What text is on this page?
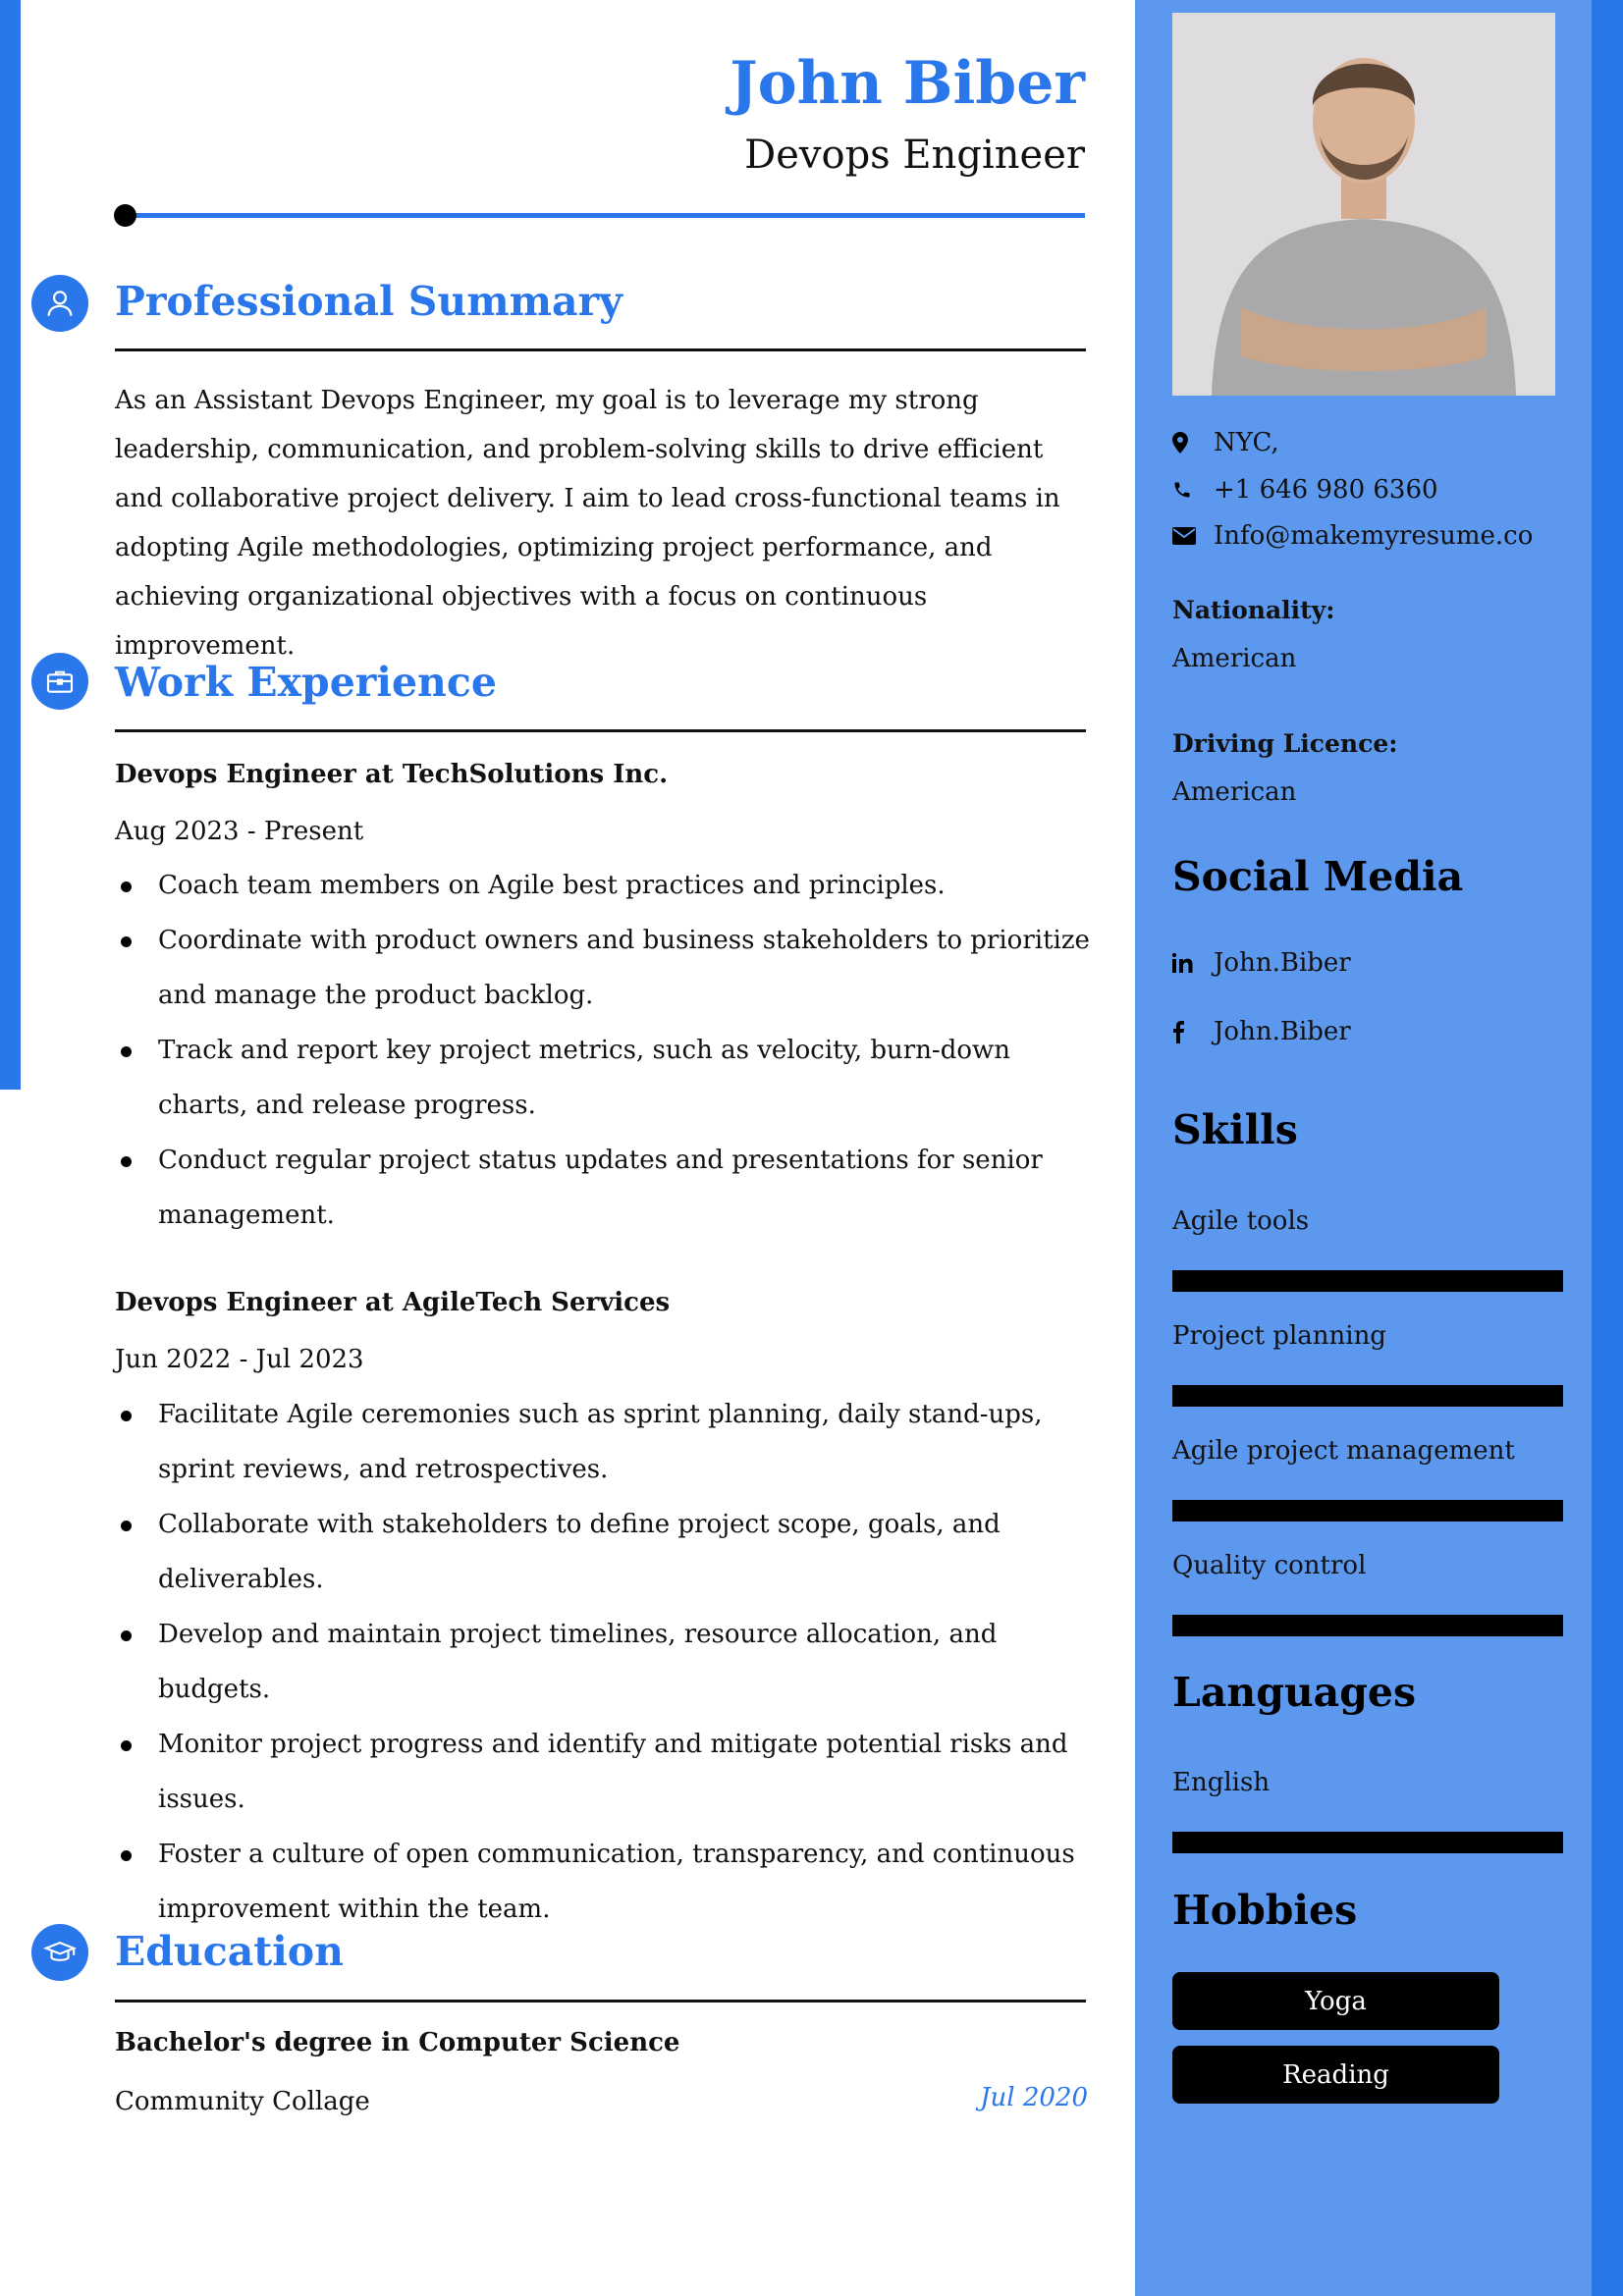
John Biber
Devops Engineer
Professional Summary
As an Assistant Devops Engineer, my goal is to leverage my strong leadership, communication, and problem-solving skills to drive efficient and collaborative project delivery. I aim to lead cross-functional teams in adopting Agile methodologies, optimizing project performance, and achieving organizational objectives with a focus on continuous improvement.
Work Experience
Devops Engineer at TechSolutions Inc.
Aug 2023 - Present
Coach team members on Agile best practices and principles.
Coordinate with product owners and business stakeholders to prioritize and manage the product backlog.
Track and report key project metrics, such as velocity, burn-down charts, and release progress.
Conduct regular project status updates and presentations for senior management.
Devops Engineer at AgileTech Services
Jun 2022 - Jul 2023
Facilitate Agile ceremonies such as sprint planning, daily stand-ups, sprint reviews, and retrospectives.
Collaborate with stakeholders to define project scope, goals, and deliverables.
Develop and maintain project timelines, resource allocation, and budgets.
Monitor project progress and identify and mitigate potential risks and issues.
Foster a culture of open communication, transparency, and continuous improvement within the team.
Education
Bachelor's degree in Computer Science
Community Collage	Jul 2020
NYC,
+1 646 980 6360
Info@makemyresume.co
Nationality:
American
Driving Licence:
American
Social Media
John.Biber
John.Biber
Skills
Agile tools
Project planning
Agile project management
Quality control
Languages
English
Hobbies
Yoga
Reading
